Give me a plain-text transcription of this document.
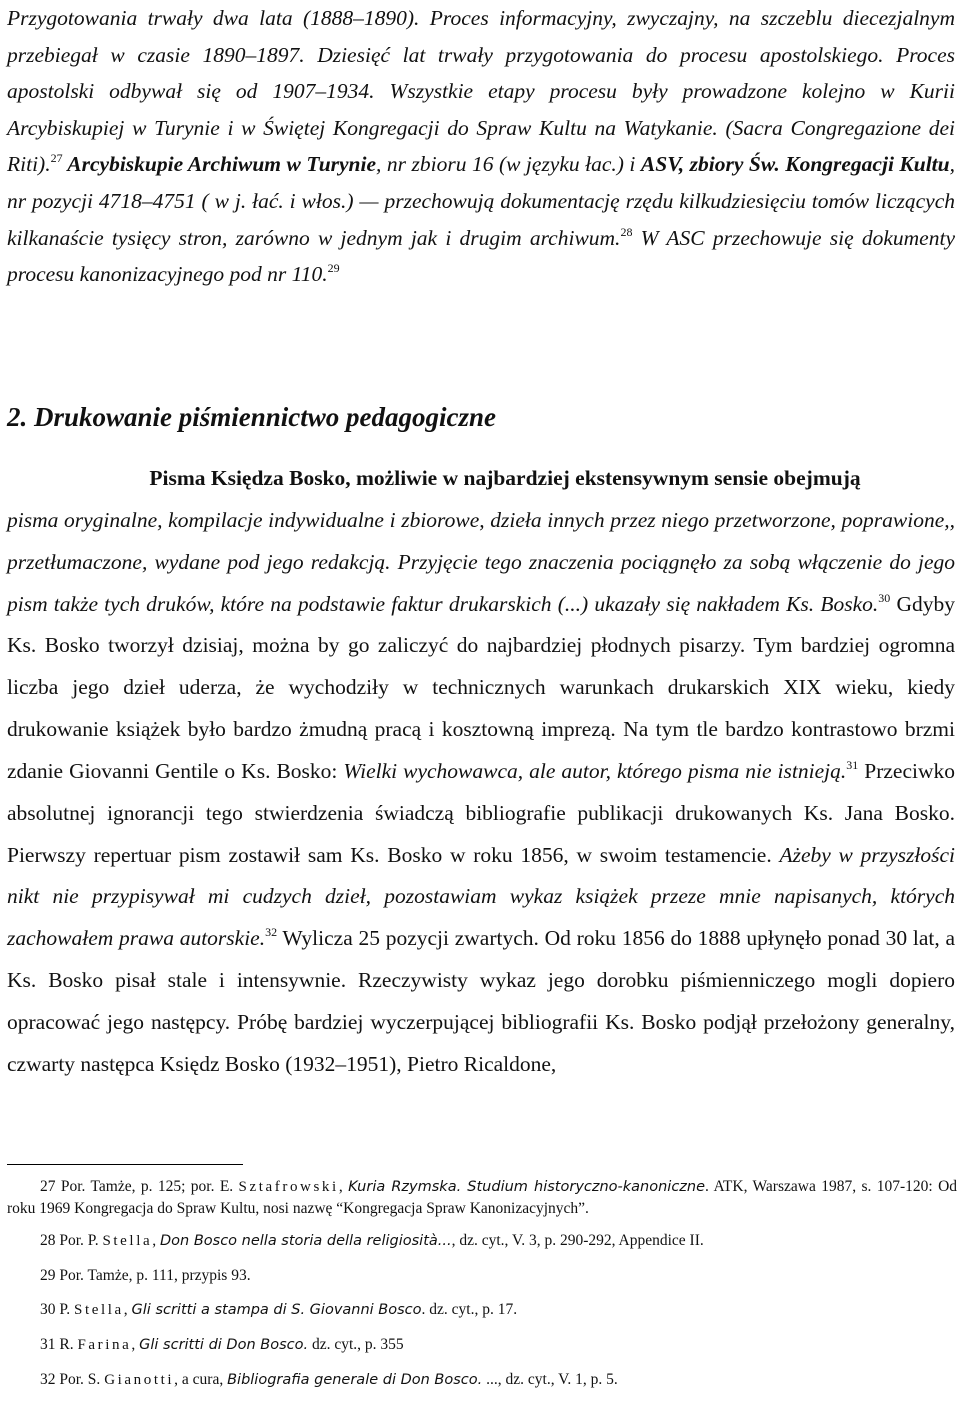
Przygotowania trwały dwa lata (1888–1890). Proces informacyjny, zwyczajny, na szczeblu diecezjalnym przebiegał w czasie 1890–1897. Dziesięć lat trwały przygotowania do procesu apostolskiego. Proces apostolski odbywał się od 1907–1934. Wszystkie etapy procesu były prowadzone kolejno w Kurii Arcybiskupiej w Turynie i w Świętej Kongregacji do Spraw Kultu na Watykanie. (Sacra Congregazione dei Riti).$^{27}$ Arcybiskupie Archiwum w Turynie, nr zbioru 16 (w języku łac.) i ASV, zbiory Św. Kongregacji Kultu, nr pozycji 4718–4751 ( w j. łać. i włos.) — przechowują dokumentację rzędu kilkudziesięciu tomów liczących kilkanaście tysięcy stron, zarówno w jednym jak i drugim archiwum.$^{28}$ W ASC przechowuje się dokumenty procesu kanonizacyjnego pod nr 110.29

2. Drukowanie piśmiennictwo pedagogiczne

Pisma Księdza Bosko, możliwie w najbardziej ekstensywnym sensie obejmują
pisma oryginalne, kompilacje indywidualne i zbiorowe, dzieła innych przez niego przetworzone, poprawione,, przetłumaczone, wydane pod jego redakcją. Przyjęcie tego znaczenia pociągnęło za sobą włączenie do jego pism także tych druków, które na podstawie faktur drukarskich (...) ukazały się nakładem Ks. Bosko.$^{30}$ Gdyby Ks. Bosko tworzył dzisiaj, można by go zaliczyć do najbardziej płodnych pisarzy. Tym bardziej ogromna liczba jego dzieł uderza, że wychodziły w technicznych warunkach drukarskich XIX wieku, kiedy drukowanie książek było bardzo żmudną pracą i kosztowną imprezą. Na tym tle bardzo kontrastowo brzmi zdanie Giovanni Gentile o Ks. Bosko: Wielki wychowawca, ale autor, którego pisma nie istnieją.$^{31}$ Przeciwko absolutnej ignorancji tego stwierdzenia świadczą bibliografie publikacji drukowanych Ks. Jana Bosko. Pierwszy repertuar pism zostawił sam Ks. Bosko w roku 1856, w swoim testamencie. Ażeby w przyszłości nikt nie przypisywał mi cudzych dzieł, pozostawiam wykaz książek przeze mnie napisanych, których zachowałem prawa autorskie.$^{32}$ Wylicza 25 pozycji zwartych. Od roku 1856 do 1888 upłynęło ponad 30 lat, a Ks. Bosko pisał stale i intensywnie. Rzeczywisty wykaz jego dorobku piśmienniczego mogli dopiero opracować jego następcy. Próbę bardziej wyczerpującej bibliografii Ks. Bosko podjął przełożony generalny, czwarty następca Księdz Bosko (1932–1951), Pietro Ricaldone,

27 Por. Tamże, p. 125; por. E. Sztafrowski, Kuria Rzymska. Studium historyczno-kanoniczne. ATK, Warszawa 1987, s. 107-120: Od roku 1969 Kongregacja do Spraw Kultu, nosi nazwę “Kongregacja Spraw Kanonizacyjnych”.

28 Por. P. Stella, Don Bosco nella storia della religiosità..., dz. cyt., V. 3, p. 290-292, Appendice II.

29 Por. Tamże, p. 111, przypis 93.

30 P. Stella, Gli scritti a stampa di S. Giovanni Bosco. dz. cyt., p. 17.

31 R. Farina, Gli scritti di Don Bosco. dz. cyt., p. 355

32 Por. S. Gianotti, a cura, Bibliografia generale di Don Bosco. ..., dz. cyt., V. 1, p. 5.
